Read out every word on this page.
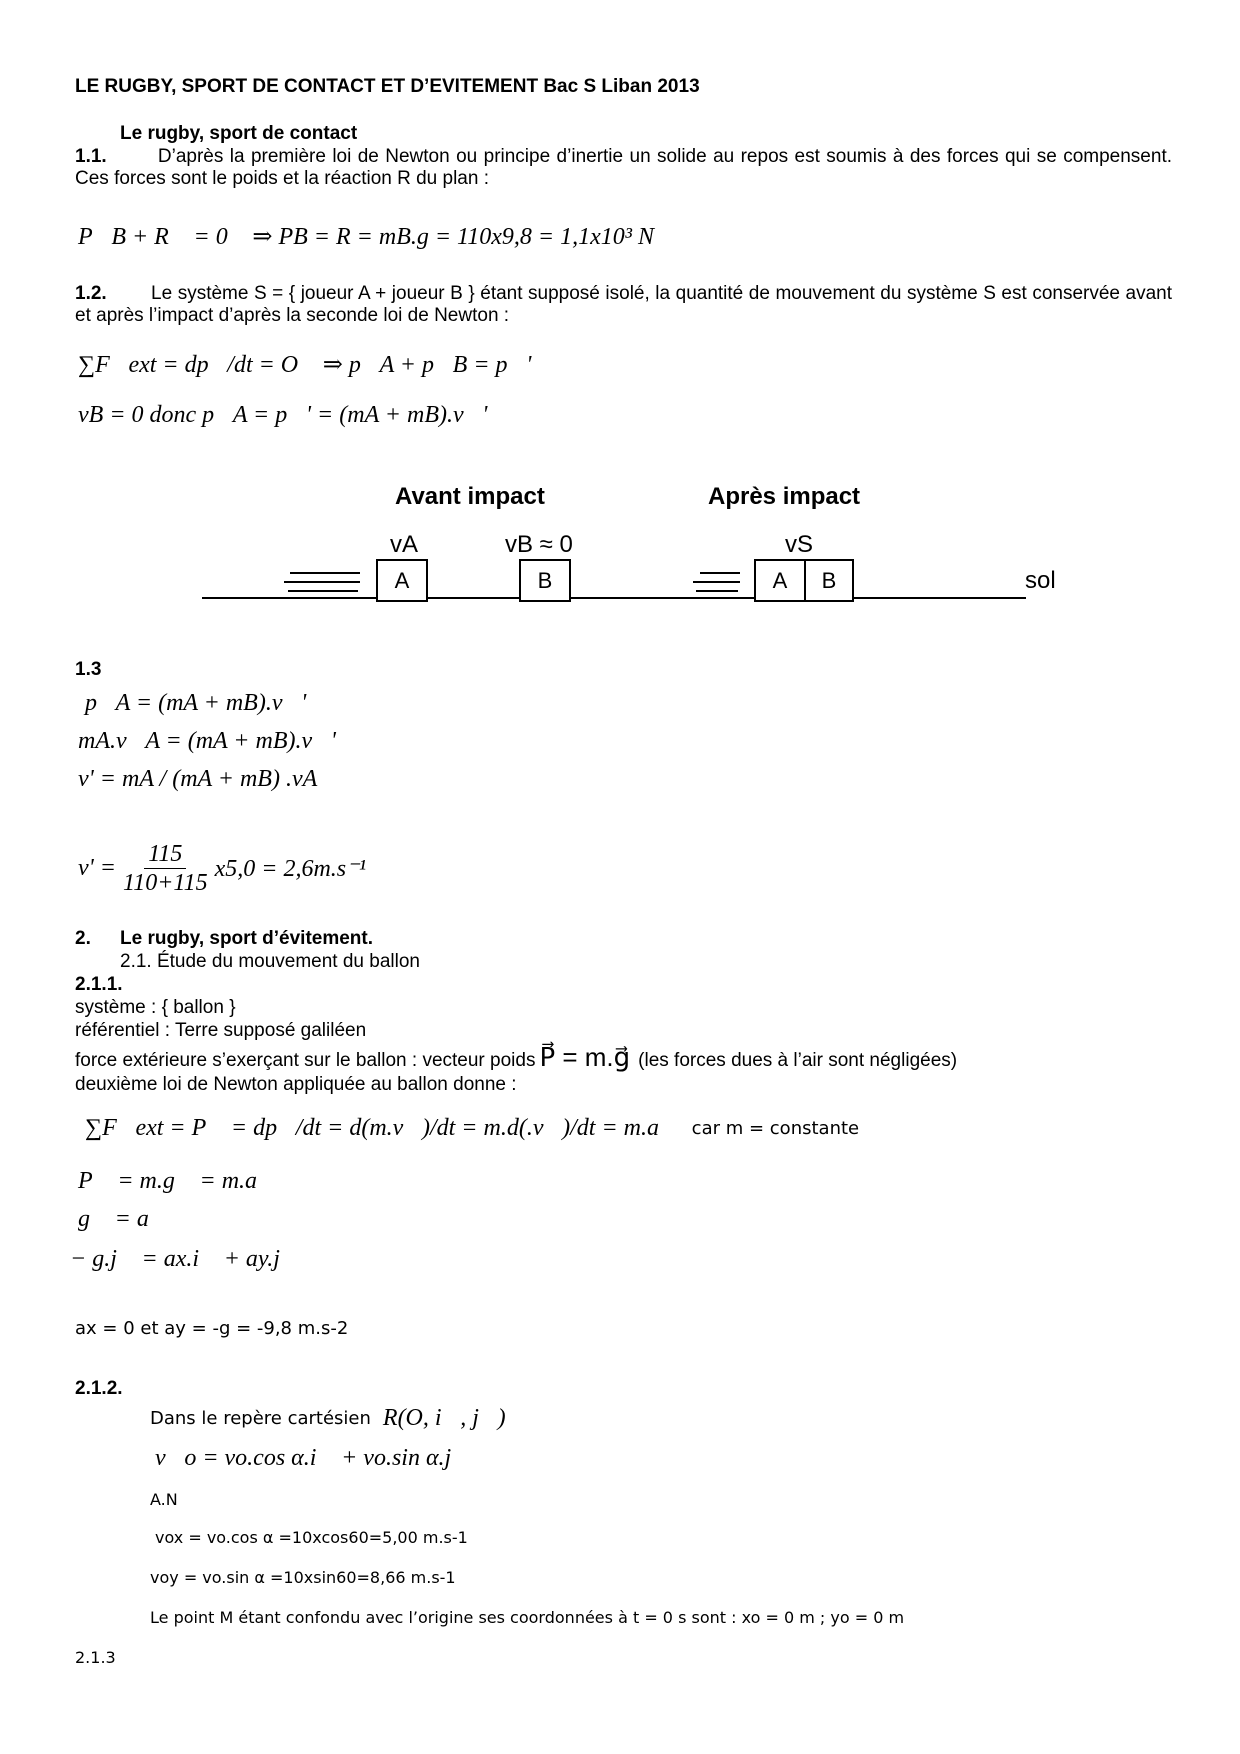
LE RUGBY, SPORT DE CONTACT ET D’EVITEMENT Bac S Liban 2013
Le rugby, sport de contact
1.1.	D’après la première loi de Newton ou principe d’inertie un solide au repos est soumis à des forces qui se compensent. Ces forces sont le poids et la réaction R du plan :
P⃗B + R⃗ = 0⃗ ⇒ PB = R = mB.g = 110x9,8 = 1,1x10³ N
1.2. Le système S = { joueur A + joueur B } étant supposé isolé, la quantité de mouvement du système S est conservée avant et après l’impact d’après la seconde loi de Newton :
∑F⃗ext = dp⃗/dt = O⃗ ⇒ p⃗A + p⃗B = p⃗'
vB = 0 donc p⃗A = p⃗' = (mA + mB).v⃗'
Avant impact	Après impact
vA	vB ≈ 0	vS
A	B	A B	sol
1.3
p⃗A = (mA + mB).v⃗'
mA.v⃗A = (mA + mB).v⃗'
v' = mA / (mA + mB) .vA
$v' = \frac{115}{110+115} x5,0 = 2,6m.s^{-1}$
2. Le rugby, sport d’évitement.
2.1. Étude du mouvement du ballon
2.1.1.
système : { ballon }
référentiel : Terre supposé galiléen
force extérieure s’exerçant sur le ballon : vecteur poids P⃗ = m.g⃗ (les forces dues à l’air sont négligées)
deuxième loi de Newton appliquée au ballon donne :
∑F⃗ext = P⃗ = dp⃗/dt = d(m.v⃗)/dt = m.d(.v⃗)/dt = m.a⃗ car m = constante
P⃗ = m.g⃗ = m.a⃗
g⃗ = a⃗
− g.j⃗ = ax.i⃗ + ay.j⃗
ax = 0 et ay = -g = -9,8 m.s-2
2.1.2.
Dans le repère cartésien R(O, i⃗, j⃗)
v⃗o = vo.cos α.i⃗ + vo.sin α.j⃗
A.N
vox = vo.cos α =10xcos60=5,00 m.s-1
voy = vo.sin α =10xsin60=8,66 m.s-1
Le point M étant confondu avec l’origine ses coordonnées à t = 0 s sont : xo = 0 m ; yo = 0 m
2.1.3
